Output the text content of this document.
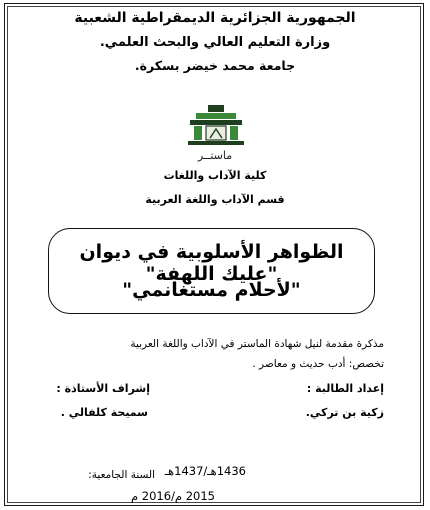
الجمهورية الجزائرية الديمقراطية الشعبية
وزارة التعليم العالي والبحث العلمي.
جامعة محمد خيضر بسكرة.
ماستــر
كلية الآداب واللغات
قسم الآداب واللغة العربية
الظواهر الأسلوبية في ديوان "عليك اللهفة"
"لأحلام مستغانمي"
مذكرة مقدمة لنيل شهادة الماستر في الآداب واللغة العربية
تخصص: أدب حديث و معاصر .
إعداد الطالبة :
زكية بن تركي.
إشراف الأستاذة :
سميحة كلفالي .
السنة الجامعية: 1436هـ/1437هـ
2015 م/2016 م
